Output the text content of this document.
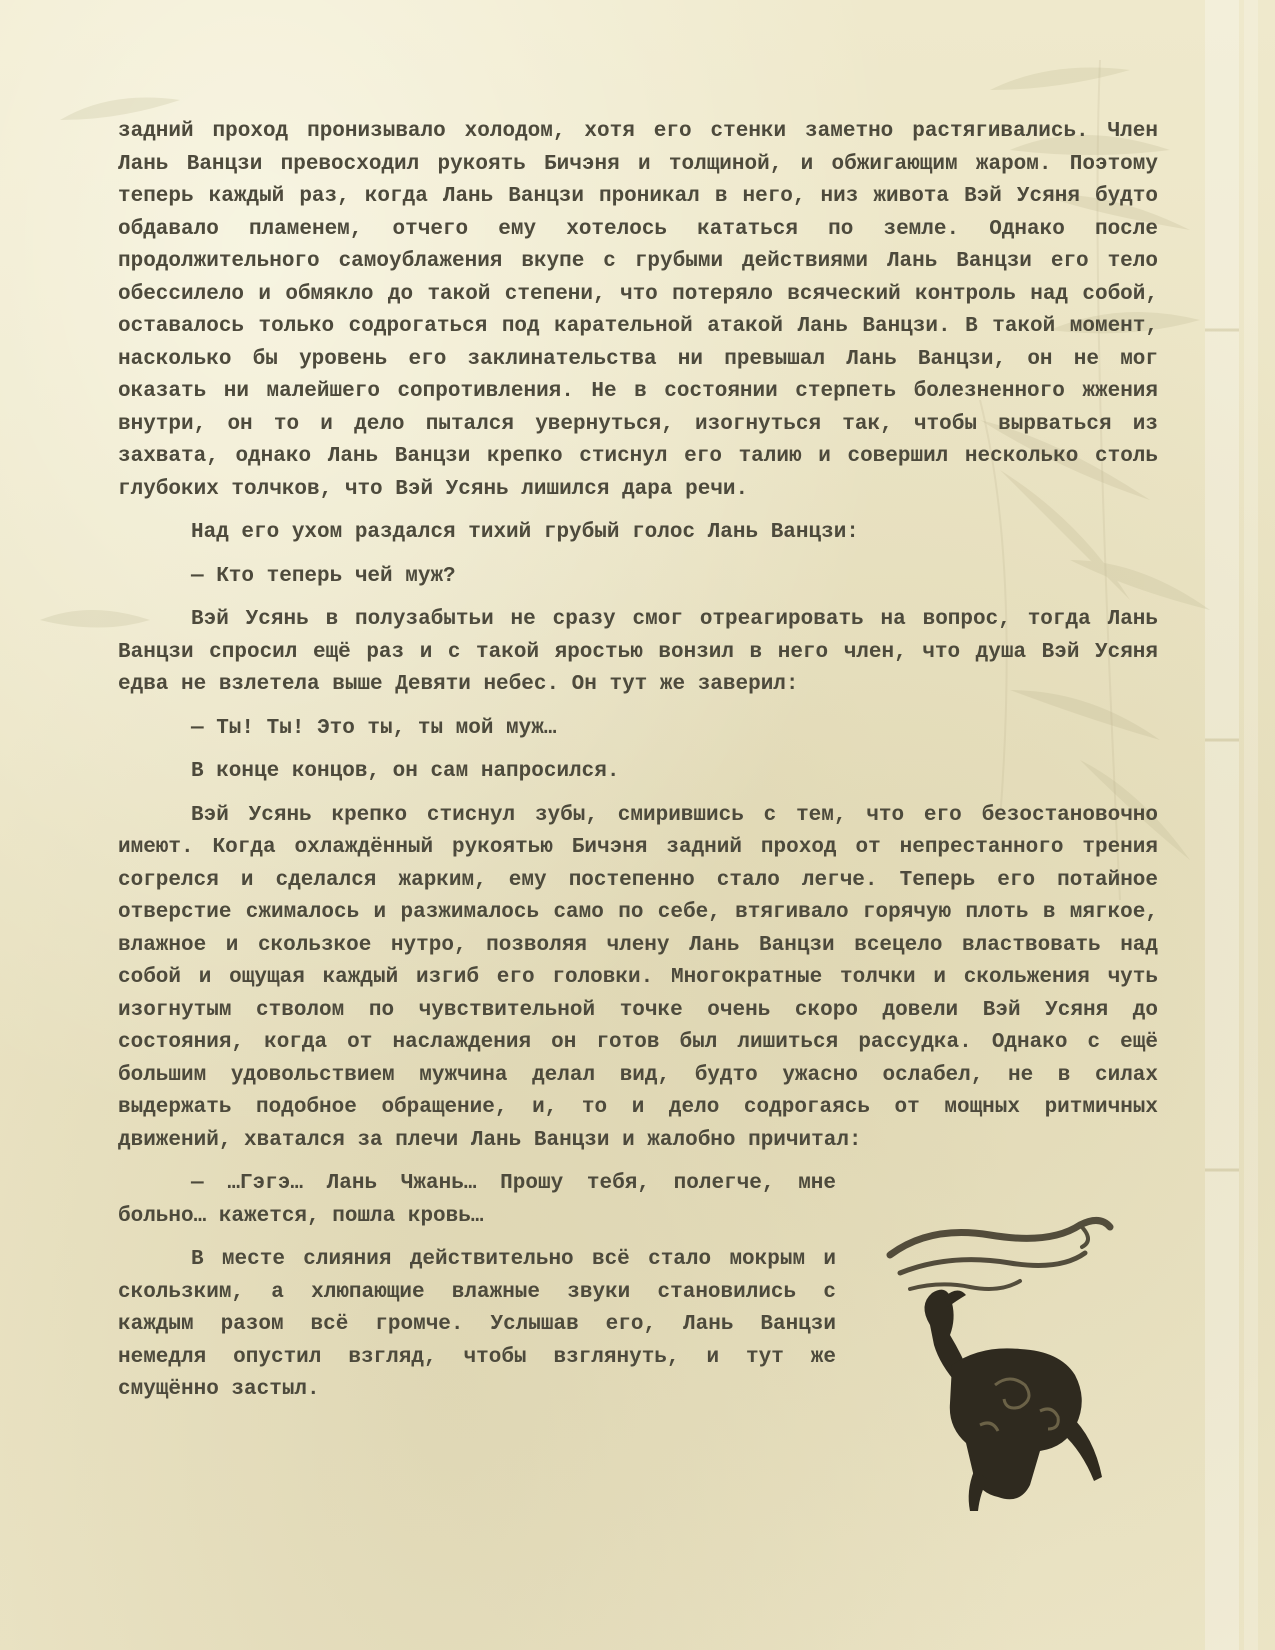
задний проход пронизывало холодом, хотя его стенки заметно растягивались. Член Лань Ванцзи превосходил рукоять Бичэня и толщиной, и обжигающим жаром. Поэтому теперь каждый раз, когда Лань Ванцзи проникал в него, низ живота Вэй Усяня будто обдавало пламенем, отчего ему хотелось кататься по земле. Однако после продолжительного самоублажения вкупе с грубыми действиями Лань Ванцзи его тело обессилело и обмякло до такой степени, что потеряло всяческий контроль над собой, оставалось только содрогаться под карательной атакой Лань Ванцзи. В такой момент, насколько бы уровень его заклинательства ни превышал Лань Ванцзи, он не мог оказать ни малейшего сопротивления. Не в состоянии стерпеть болезненного жжения внутри, он то и дело пытался увернуться, изогнуться так, чтобы вырваться из захвата, однако Лань Ванцзи крепко стиснул его талию и совершил несколько столь глубоких толчков, что Вэй Усянь лишился дара речи.

Над его ухом раздался тихий грубый голос Лань Ванцзи:

— Кто теперь чей муж?

Вэй Усянь в полузабытьи не сразу смог отреагировать на вопрос, тогда Лань Ванцзи спросил ещё раз и с такой яростью вонзил в него член, что душа Вэй Усяня едва не взлетела выше Девяти небес. Он тут же заверил:

— Ты! Ты! Это ты, ты мой муж…

В конце концов, он сам напросился.

Вэй Усянь крепко стиснул зубы, смирившись с тем, что его безостановочно имеют. Когда охлаждённый рукоятью Бичэня задний проход от непрестанного трения согрелся и сделался жарким, ему постепенно стало легче. Теперь его потайное отверстие сжималось и разжималось само по себе, втягивало горячую плоть в мягкое, влажное и скользкое нутро, позволяя члену Лань Ванцзи всецело властвовать над собой и ощущая каждый изгиб его головки. Многократные толчки и скольжения чуть изогнутым стволом по чувствительной точке очень скоро довели Вэй Усяня до состояния, когда от наслаждения он готов был лишиться рассудка. Однако с ещё большим удовольствием мужчина делал вид, будто ужасно ослабел, не в силах выдержать подобное обращение, и, то и дело содрогаясь от мощных ритмичных движений, хватался за плечи Лань Ванцзи и жалобно причитал:

— …Гэгэ… Лань Чжань… Прошу тебя, полегче, мне больно… кажется, пошла кровь…

В месте слияния действительно всё стало мокрым и скользким, а хлюпающие влажные звуки становились с каждым разом всё громче. Услышав его, Лань Ванцзи немедля опустил взгляд, чтобы взглянуть, и тут же смущённо застыл.
